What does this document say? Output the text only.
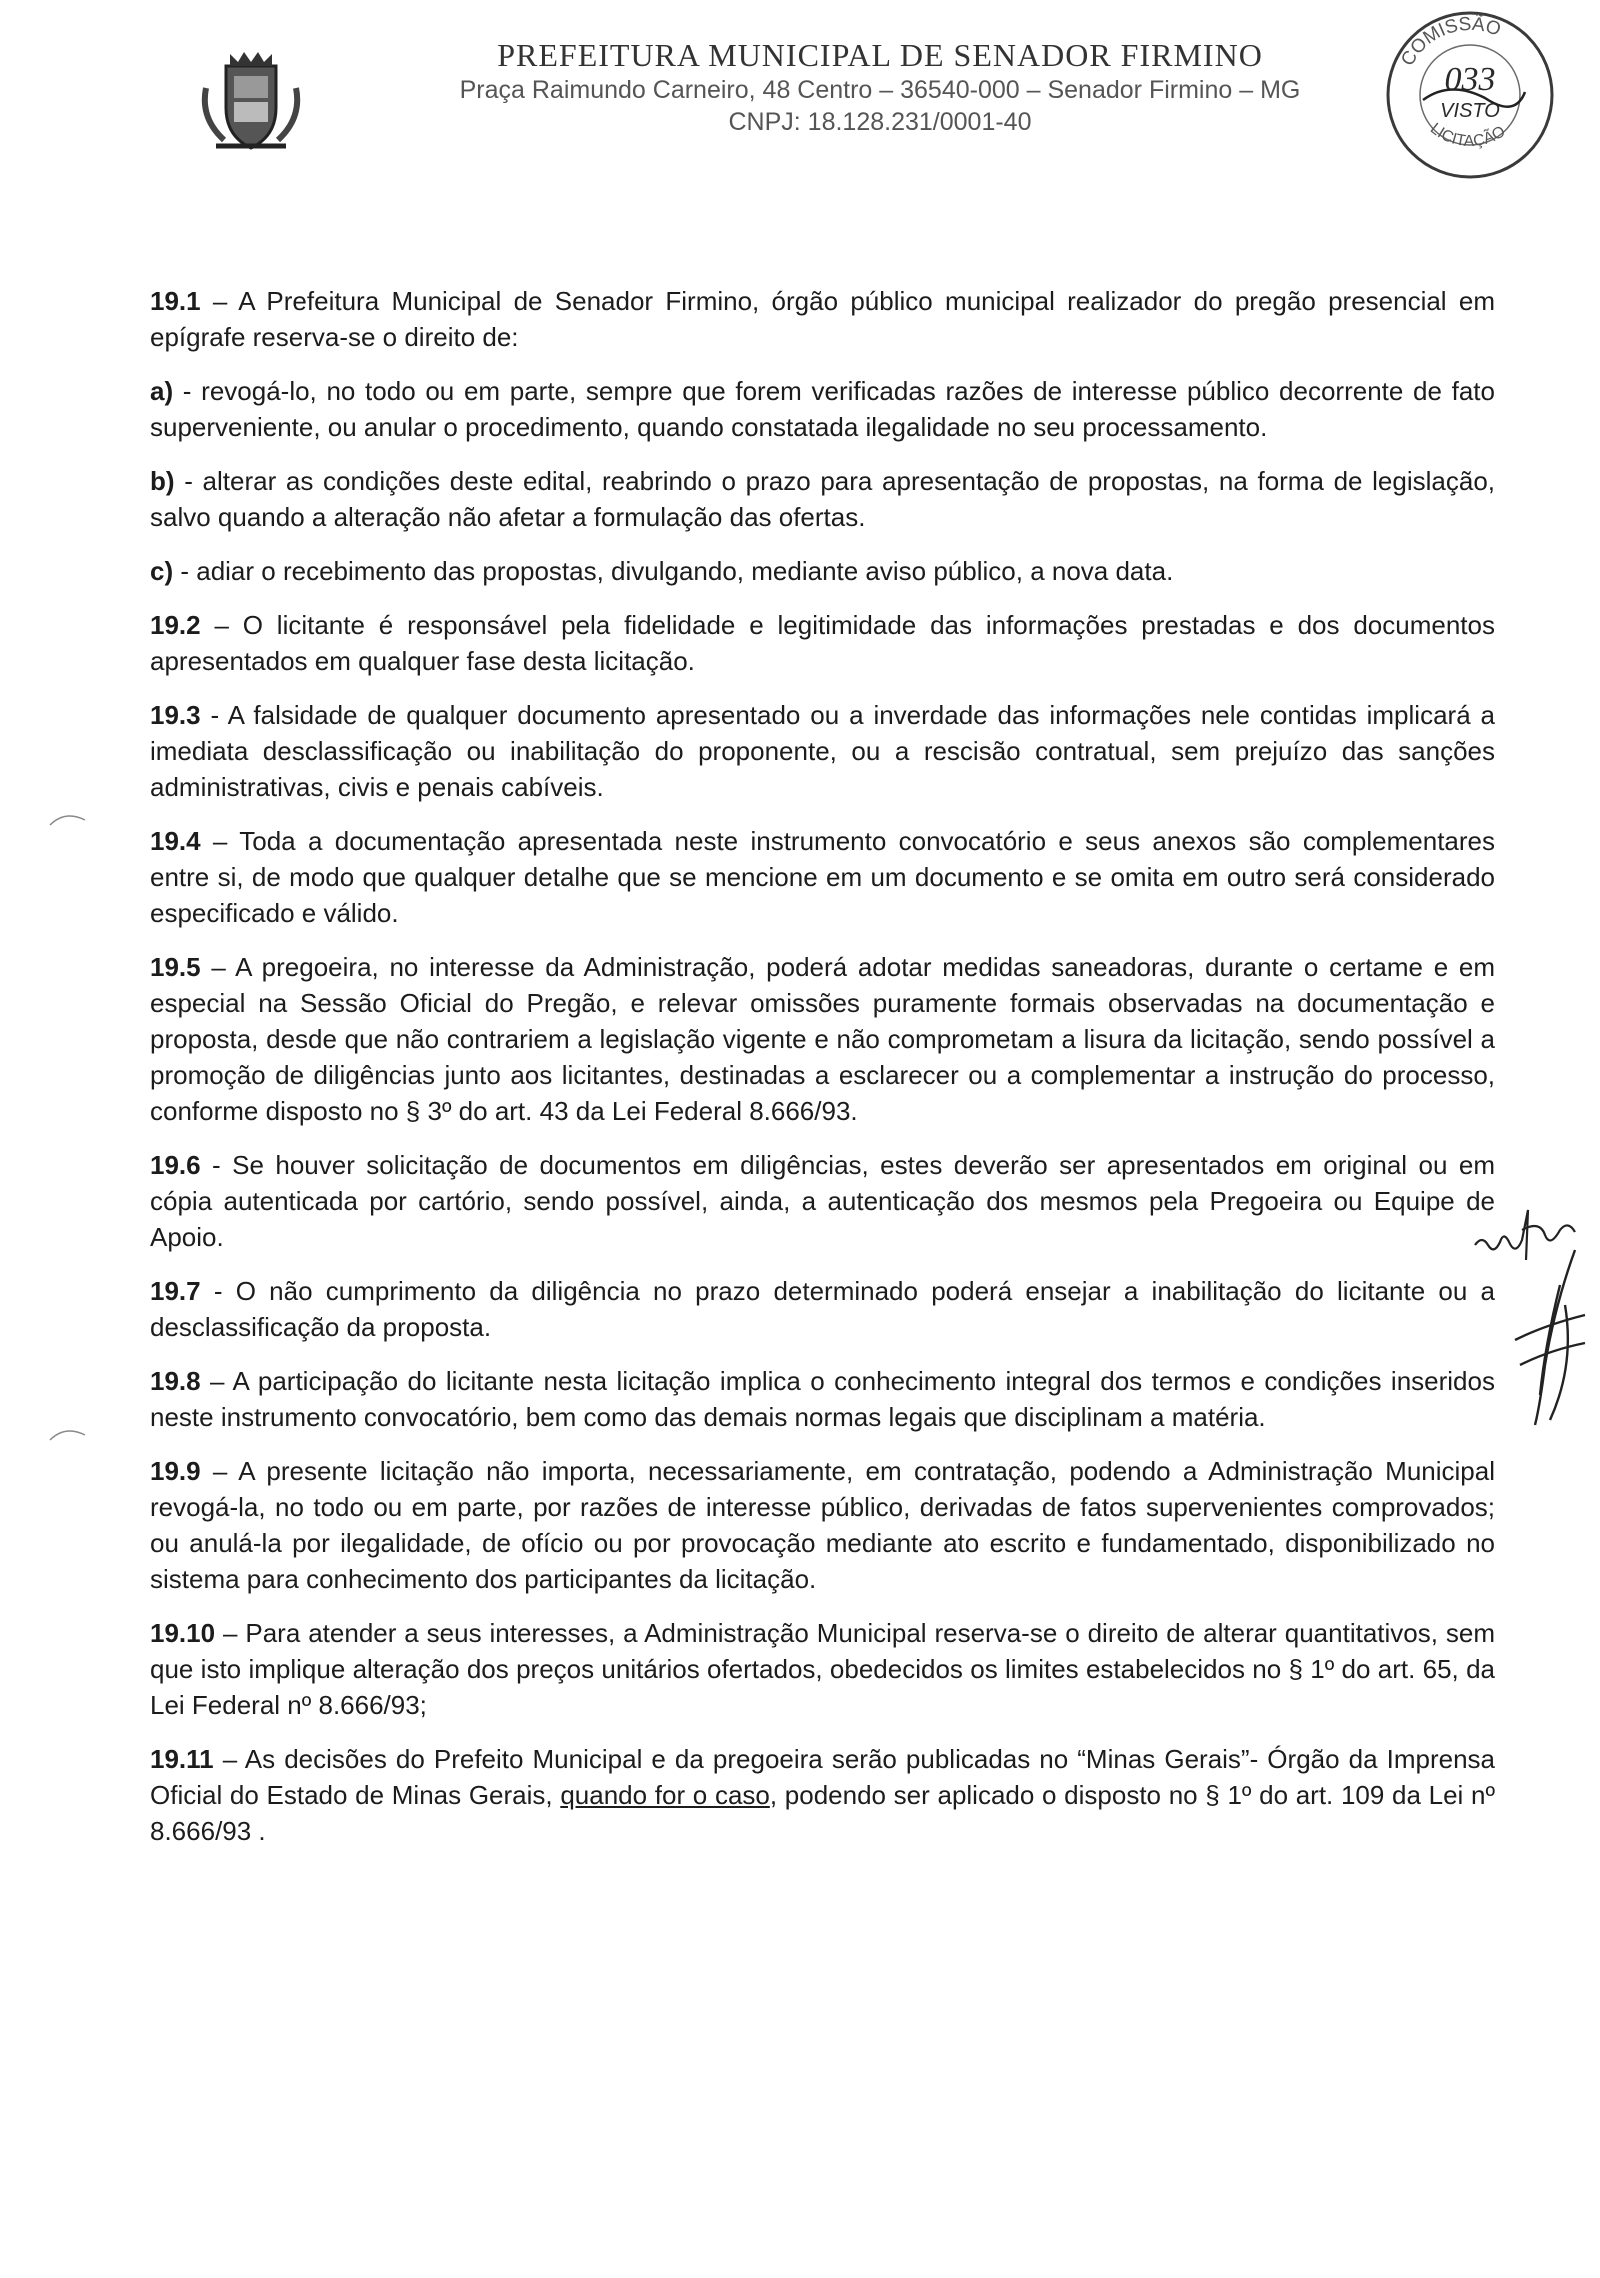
PREFEITURA MUNICIPAL DE SENADOR FIRMINO
Praça Raimundo Carneiro, 48 Centro – 36540-000 – Senador Firmino – MG
CNPJ: 18.128.231/0001-40
COMISSÃO
033
VISTO
LICITAÇÃO

19.1 – A Prefeitura Municipal de Senador Firmino, órgão público municipal realizador do pregão presencial em epígrafe reserva-se o direito de:

a) - revogá-lo, no todo ou em parte, sempre que forem verificadas razões de interesse público decorrente de fato superveniente, ou anular o procedimento, quando constatada ilegalidade no seu processamento.

b) - alterar as condições deste edital, reabrindo o prazo para apresentação de propostas, na forma de legislação, salvo quando a alteração não afetar a formulação das ofertas.

c) - adiar o recebimento das propostas, divulgando, mediante aviso público, a nova data.

19.2 – O licitante é responsável pela fidelidade e legitimidade das informações prestadas e dos documentos apresentados em qualquer fase desta licitação.

19.3 - A falsidade de qualquer documento apresentado ou a inverdade das informações nele contidas implicará a imediata desclassificação ou inabilitação do proponente, ou a rescisão contratual, sem prejuízo das sanções administrativas, civis e penais cabíveis.

19.4 – Toda a documentação apresentada neste instrumento convocatório e seus anexos são complementares entre si, de modo que qualquer detalhe que se mencione em um documento e se omita em outro será considerado especificado e válido.

19.5 – A pregoeira, no interesse da Administração, poderá adotar medidas saneadoras, durante o certame e em especial na Sessão Oficial do Pregão, e relevar omissões puramente formais observadas na documentação e proposta, desde que não contrariem a legislação vigente e não comprometam a lisura da licitação, sendo possível a promoção de diligências junto aos licitantes, destinadas a esclarecer ou a complementar a instrução do processo, conforme disposto no § 3º do art. 43 da Lei Federal 8.666/93.

19.6 - Se houver solicitação de documentos em diligências, estes deverão ser apresentados em original ou em cópia autenticada por cartório, sendo possível, ainda, a autenticação dos mesmos pela Pregoeira ou Equipe de Apoio.

19.7 - O não cumprimento da diligência no prazo determinado poderá ensejar a inabilitação do licitante ou a desclassificação da proposta.

19.8 – A participação do licitante nesta licitação implica o conhecimento integral dos termos e condições inseridos neste instrumento convocatório, bem como das demais normas legais que disciplinam a matéria.

19.9 – A presente licitação não importa, necessariamente, em contratação, podendo a Administração Municipal revogá-la, no todo ou em parte, por razões de interesse público, derivadas de fatos supervenientes comprovados; ou anulá-la por ilegalidade, de ofício ou por provocação mediante ato escrito e fundamentado, disponibilizado no sistema para conhecimento dos participantes da licitação.

19.10 – Para atender a seus interesses, a Administração Municipal reserva-se o direito de alterar quantitativos, sem que isto implique alteração dos preços unitários ofertados, obedecidos os limites estabelecidos no § 1º do art. 65, da Lei Federal nº 8.666/93;

19.11 – As decisões do Prefeito Municipal e da pregoeira serão publicadas no “Minas Gerais”- Órgão da Imprensa Oficial do Estado de Minas Gerais, quando for o caso, podendo ser aplicado o disposto no § 1º do art. 109 da Lei nº 8.666/93 .
